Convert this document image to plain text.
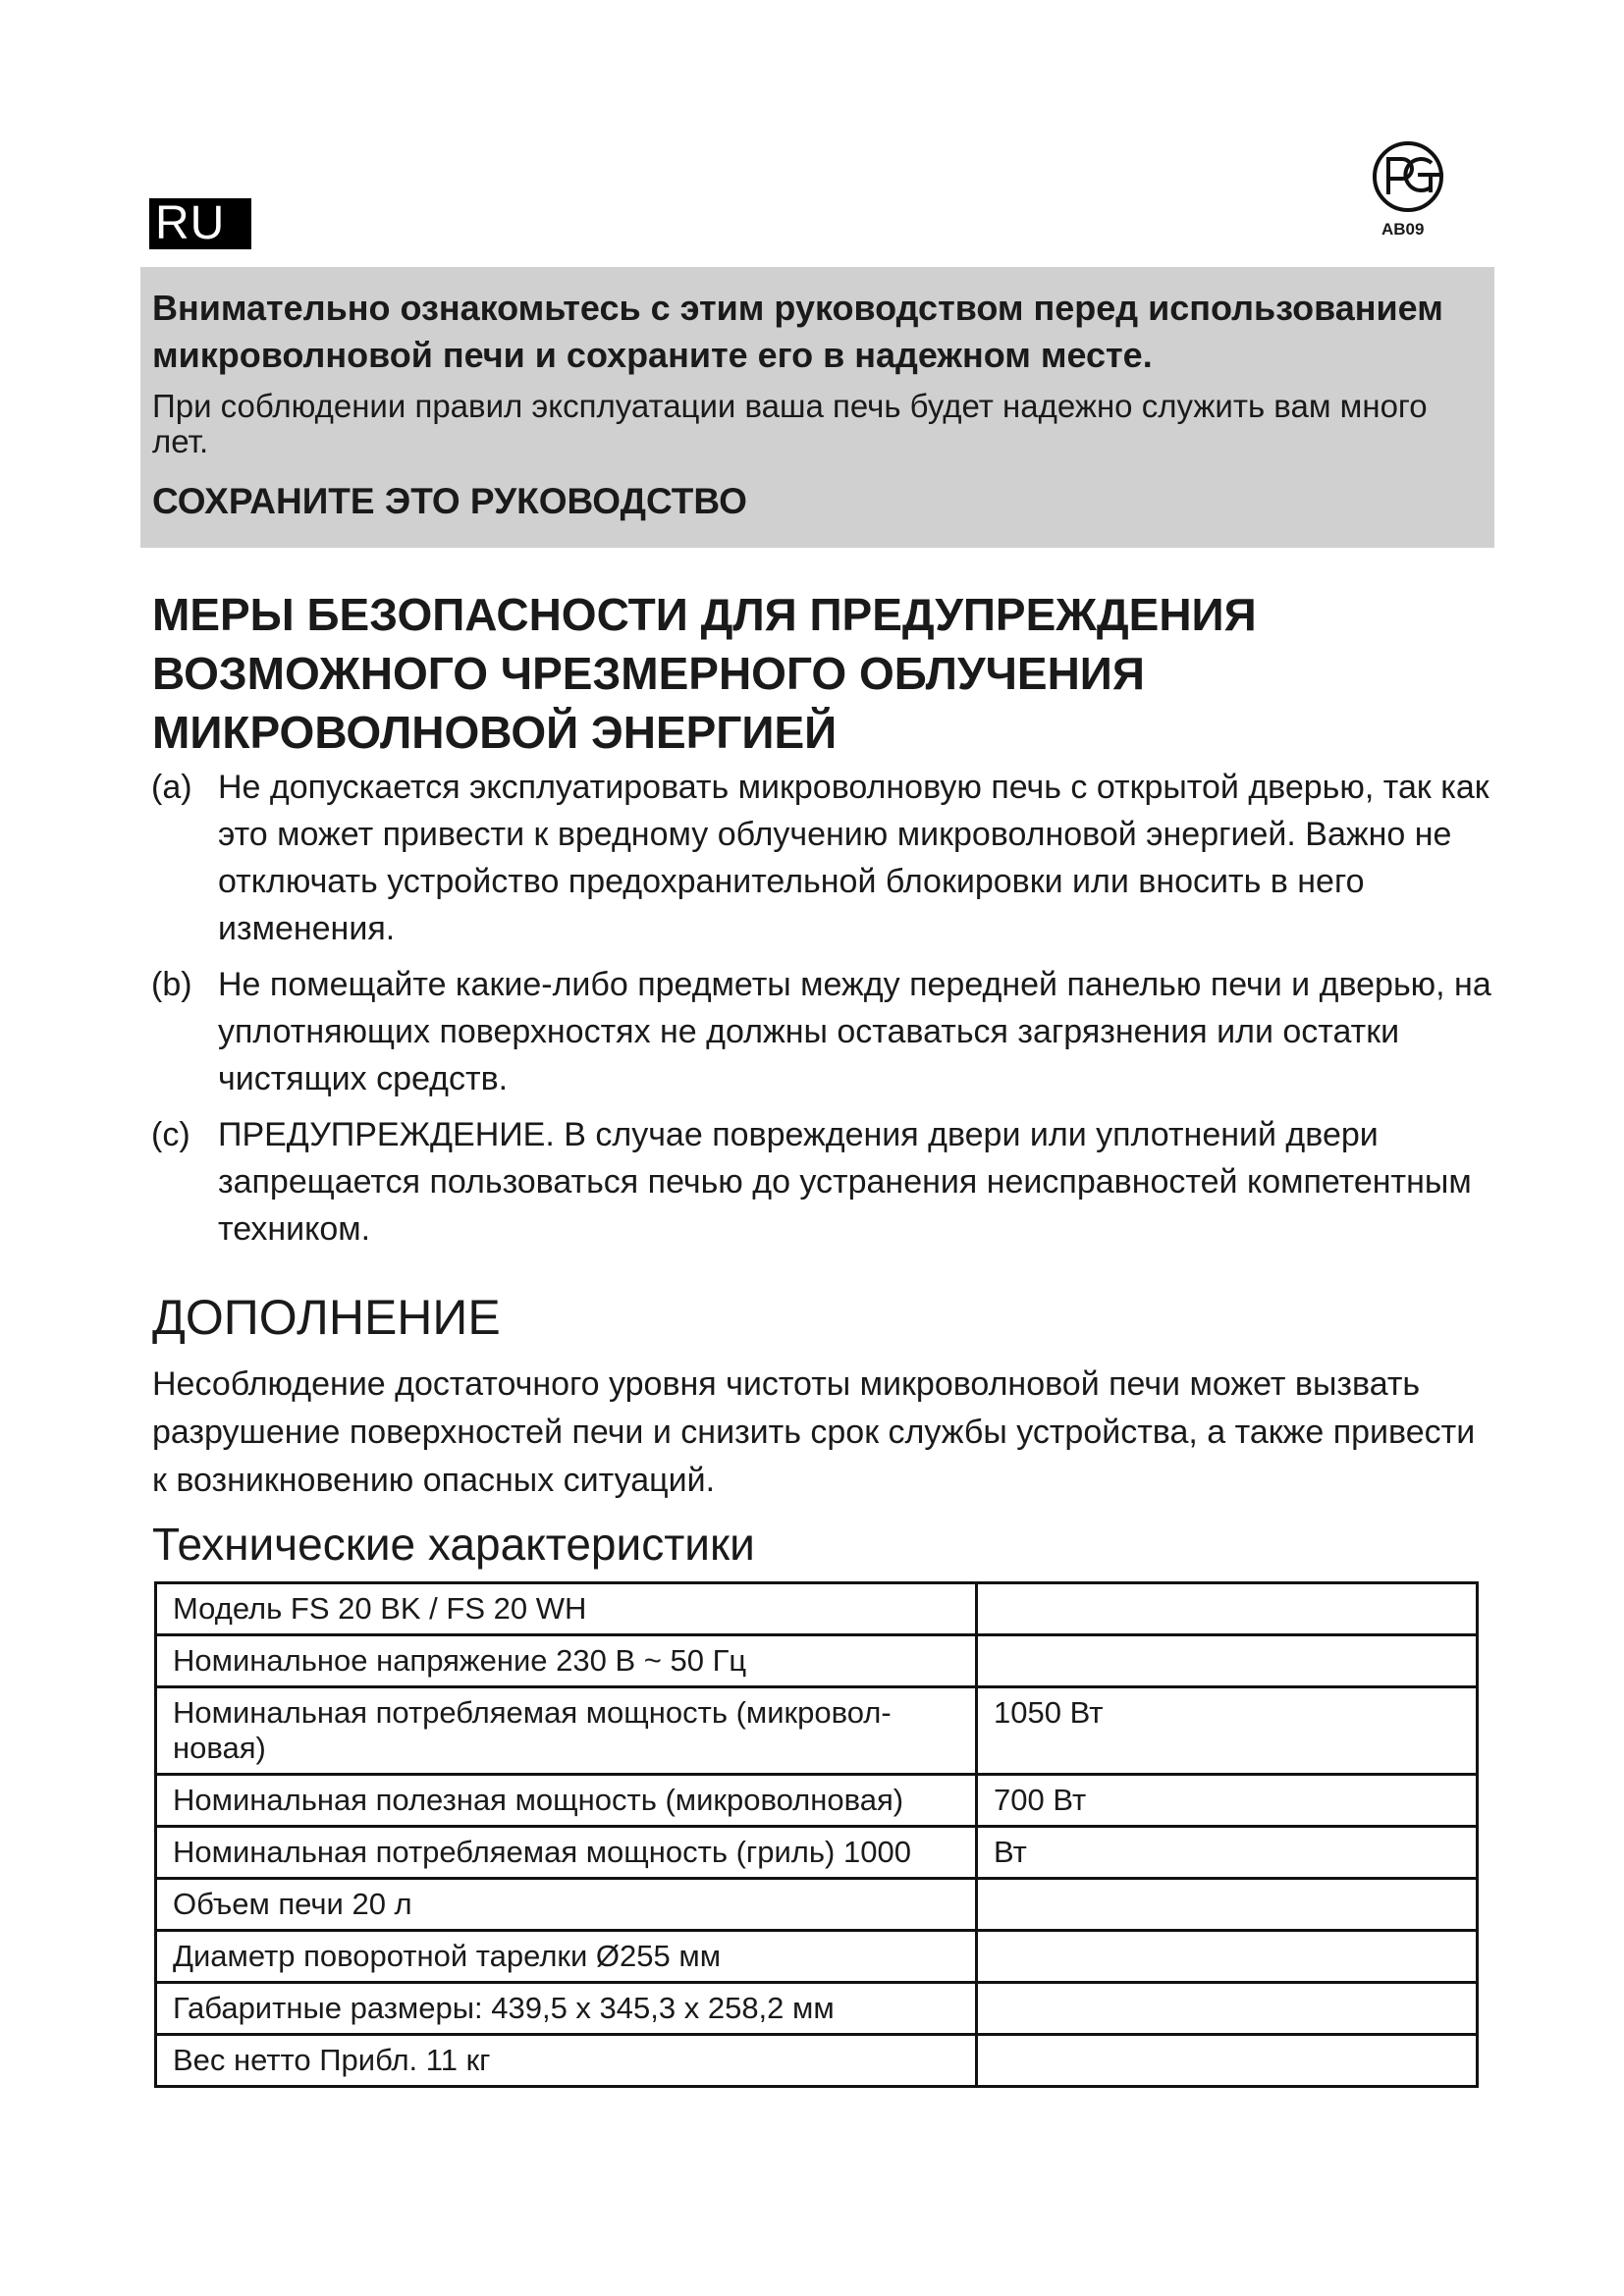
RU	AB09

Внимательно ознакомьтесь с этим руководством перед использованием микроволновой печи и сохраните его в надежном месте.

При соблюдении правил эксплуатации ваша печь будет надежно служить вам много лет.

СОХРАНИТЕ ЭТО РУКОВОДСТВО

МЕРЫ БЕЗОПАСНОСТИ ДЛЯ ПРЕДУПРЕЖДЕНИЯ ВОЗМОЖНОГО ЧРЕЗМЕРНОГО ОБЛУЧЕНИЯ МИКРОВОЛНОВОЙ ЭНЕРГИЕЙ
(a) Не допускается эксплуатировать микроволновую печь с открытой дверью, так как это может привести к вредному облучению микроволновой энергией. Важно не отключать устройство предохранительной блокировки или вносить в него изменения.
(b) Не помещайте какие-либо предметы между передней панелью печи и дверью, на уплотняющих поверхностях не должны оставаться загрязнения или остатки чистящих средств.
(c) ПРЕДУПРЕЖДЕНИЕ. В случае повреждения двери или уплотнений двери запрещается пользоваться печью до устранения неисправностей компетентным техником.
ДОПОЛНЕНИЕ

Несоблюдение достаточного уровня чистоты микроволновой печи может вызвать разрушение поверхностей печи и снизить срок службы устройства, а также привести к возникновению опасных ситуаций.

Технические характеристики
Модель FS 20 BK / FS 20 WH	
Номинальное напряжение 230 В ~ 50 Гц	
Номинальная потребляемая мощность (микровол-новая)	1050 Вт
Номинальная полезная мощность (микроволновая)	700 Вт
Номинальная потребляемая мощность (гриль) 1000	Вт
Объем печи 20 л	
Диаметр поворотной тарелки Ø255 мм	
Габаритные размеры: 439,5 x 345,3 x 258,2 мм	
Вес нетто Прибл. 11 кг	
